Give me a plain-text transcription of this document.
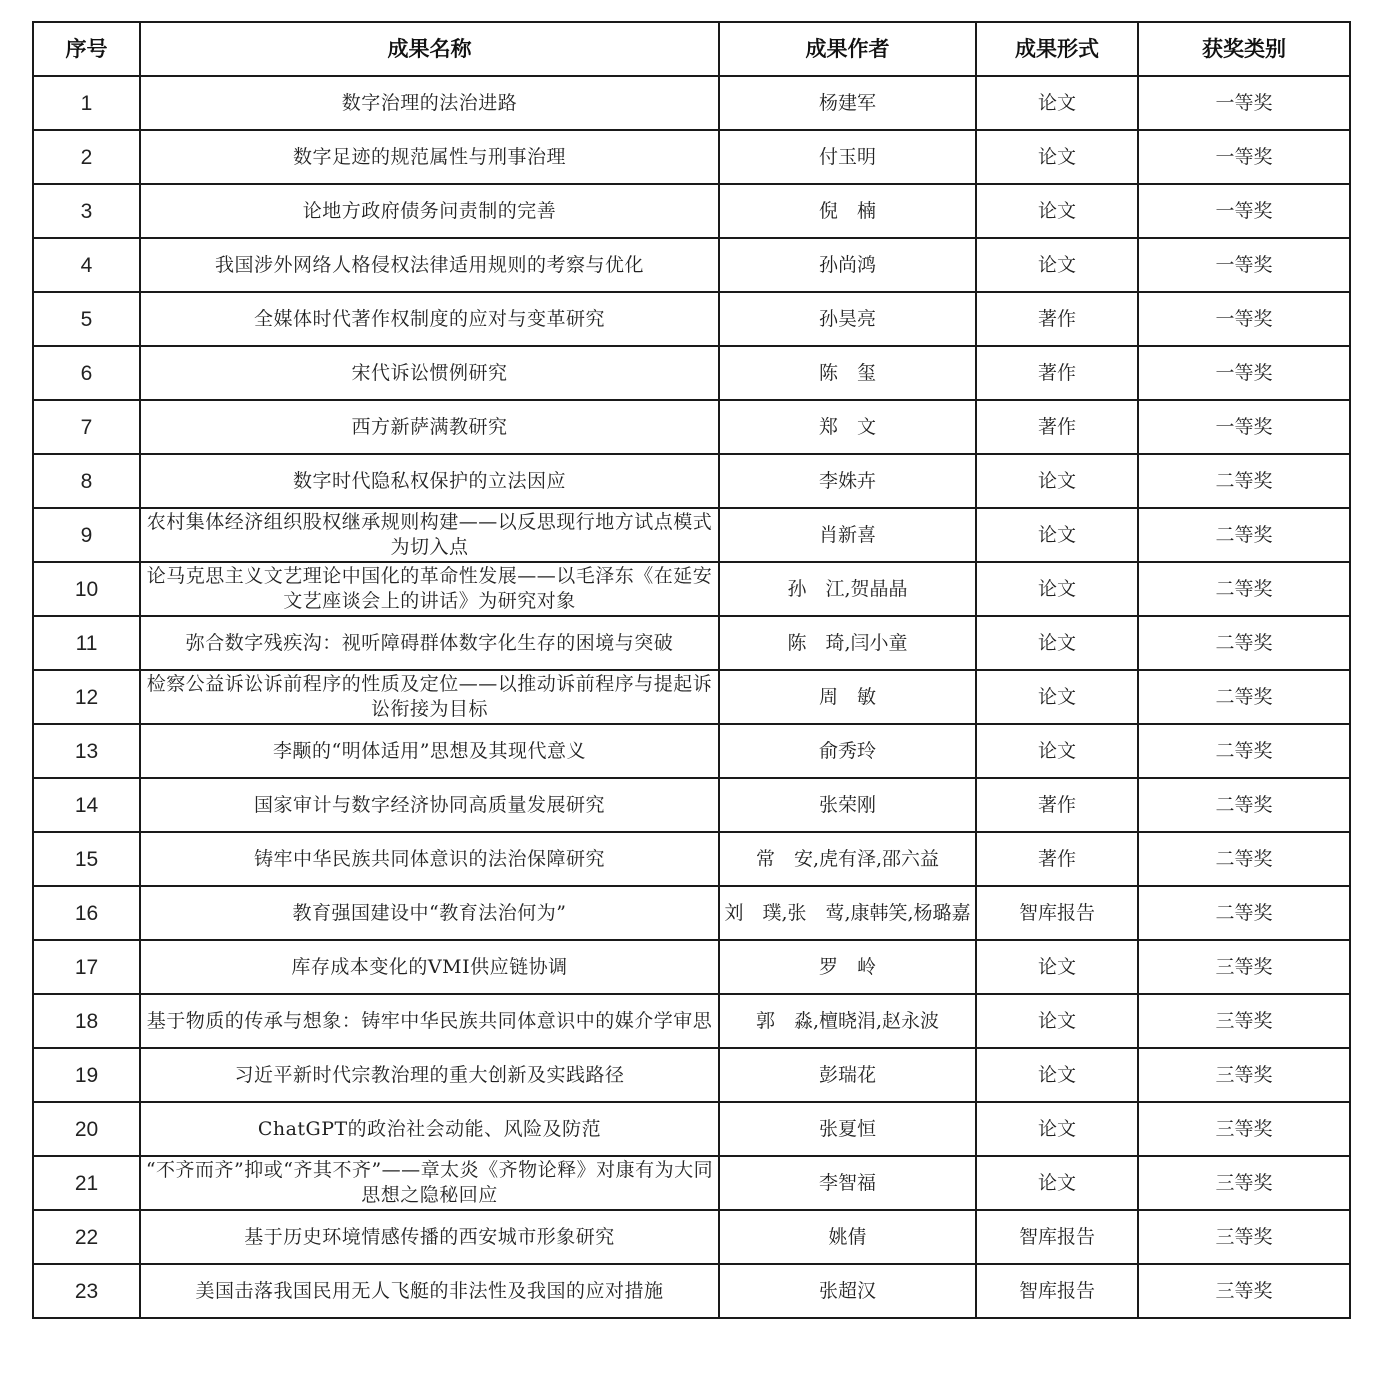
序号	成果名称	成果作者	成果形式	获奖类别
1	数字治理的法治进路	杨建军	论文	一等奖
2	数字足迹的规范属性与刑事治理	付玉明	论文	一等奖
3	论地方政府债务问责制的完善	倪　楠	论文	一等奖
4	我国涉外网络人格侵权法律适用规则的考察与优化	孙尚鸿	论文	一等奖
5	全媒体时代著作权制度的应对与变革研究	孙昊亮	著作	一等奖
6	宋代诉讼惯例研究	陈　玺	著作	一等奖
7	西方新萨满教研究	郑　文	著作	一等奖
8	数字时代隐私权保护的立法因应	李姝卉	论文	二等奖
9	农村集体经济组织股权继承规则构建——以反思现行地方试点模式为切入点	肖新喜	论文	二等奖
10	论马克思主义文艺理论中国化的革命性发展——以毛泽东《在延安文艺座谈会上的讲话》为研究对象	孙　江,贺晶晶	论文	二等奖
11	弥合数字残疾沟：视听障碍群体数字化生存的困境与突破	陈　琦,闫小童	论文	二等奖
12	检察公益诉讼诉前程序的性质及定位——以推动诉前程序与提起诉讼衔接为目标	周　敏	论文	二等奖
13	李颙的“明体适用”思想及其现代意义	俞秀玲	论文	二等奖
14	国家审计与数字经济协同高质量发展研究	张荣刚	著作	二等奖
15	铸牢中华民族共同体意识的法治保障研究	常　安,虎有泽,邵六益	著作	二等奖
16	教育强国建设中“教育法治何为”	刘　璞,张　莺,康韩笑,杨璐嘉	智库报告	二等奖
17	库存成本变化的VMI供应链协调	罗　岭	论文	三等奖
18	基于物质的传承与想象：铸牢中华民族共同体意识中的媒介学审思	郭　淼,檀晓涓,赵永波	论文	三等奖
19	习近平新时代宗教治理的重大创新及实践路径	彭瑞花	论文	三等奖
20	ChatGPT的政治社会动能、风险及防范	张夏恒	论文	三等奖
21	“不齐而齐”抑或“齐其不齐”——章太炎《齐物论释》对康有为大同思想之隐秘回应	李智福	论文	三等奖
22	基于历史环境情感传播的西安城市形象研究	姚倩	智库报告	三等奖
23	美国击落我国民用无人飞艇的非法性及我国的应对措施	张超汉	智库报告	三等奖
